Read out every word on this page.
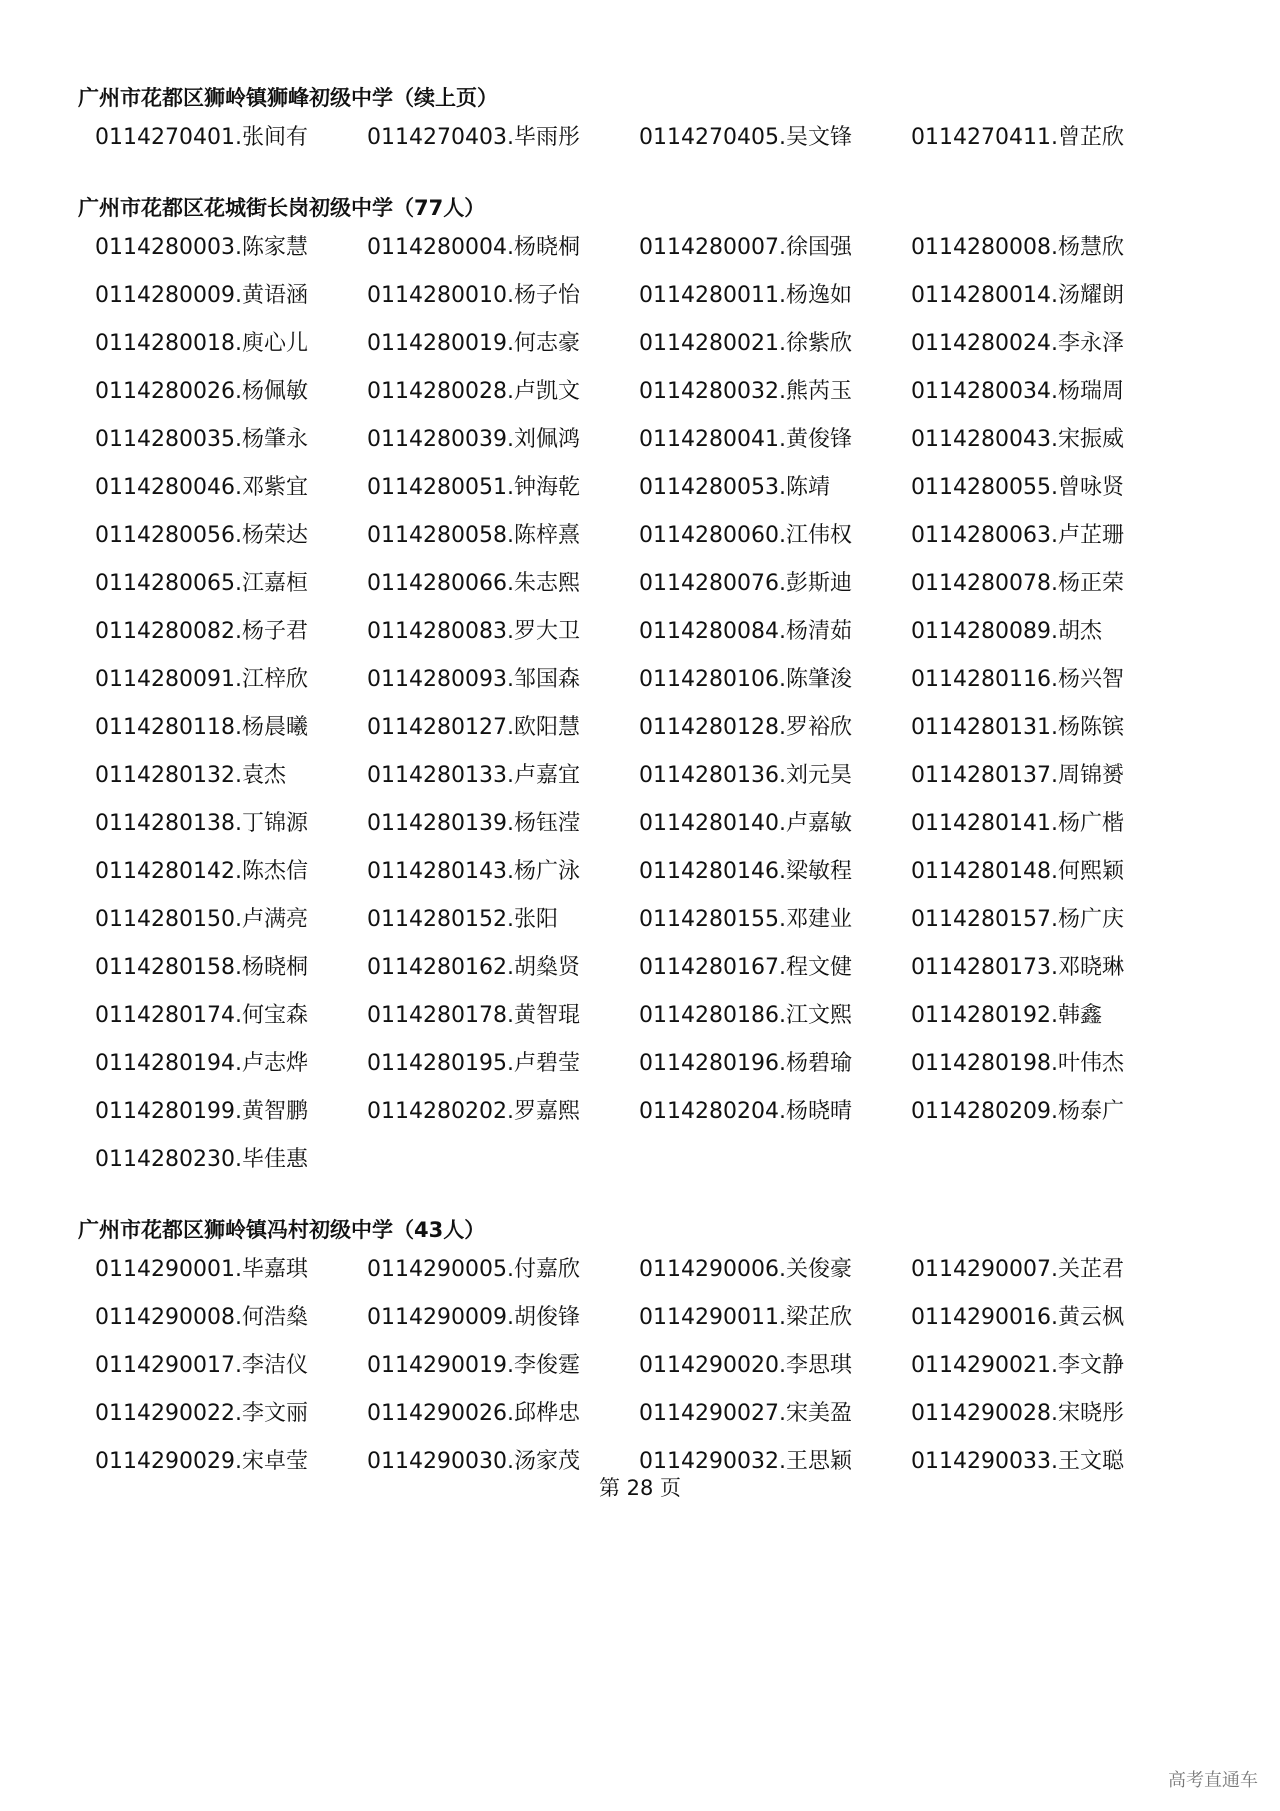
广州市花都区狮岭镇狮峰初级中学（续上页）
0114270401.张间有	0114270403.毕雨彤	0114270405.吴文锋	0114270411.曾芷欣
广州市花都区花城街长岗初级中学（77人）
0114280003.陈家慧	0114280004.杨晓桐	0114280007.徐国强	0114280008.杨慧欣
0114280009.黄语涵	0114280010.杨子怡	0114280011.杨逸如	0114280014.汤耀朗
0114280018.庾心儿	0114280019.何志豪	0114280021.徐紫欣	0114280024.李永泽
0114280026.杨佩敏	0114280028.卢凯文	0114280032.熊芮玉	0114280034.杨瑞周
0114280035.杨肇永	0114280039.刘佩鸿	0114280041.黄俊锋	0114280043.宋振威
0114280046.邓紫宜	0114280051.钟海乾	0114280053.陈靖	0114280055.曾咏贤
0114280056.杨荣达	0114280058.陈梓熹	0114280060.江伟权	0114280063.卢芷珊
0114280065.江嘉桓	0114280066.朱志熙	0114280076.彭斯迪	0114280078.杨正荣
0114280082.杨子君	0114280083.罗大卫	0114280084.杨清茹	0114280089.胡杰
0114280091.江梓欣	0114280093.邹国森	0114280106.陈肇浚	0114280116.杨兴智
0114280118.杨晨曦	0114280127.欧阳慧	0114280128.罗裕欣	0114280131.杨陈镔
0114280132.袁杰	0114280133.卢嘉宜	0114280136.刘元昊	0114280137.周锦赟
0114280138.丁锦源	0114280139.杨钰滢	0114280140.卢嘉敏	0114280141.杨广楷
0114280142.陈杰信	0114280143.杨广泳	0114280146.梁敏程	0114280148.何熙颖
0114280150.卢满亮	0114280152.张阳	0114280155.邓建业	0114280157.杨广庆
0114280158.杨晓桐	0114280162.胡燊贤	0114280167.程文健	0114280173.邓晓琳
0114280174.何宝森	0114280178.黄智琨	0114280186.江文熙	0114280192.韩鑫
0114280194.卢志烨	0114280195.卢碧莹	0114280196.杨碧瑜	0114280198.叶伟杰
0114280199.黄智鹏	0114280202.罗嘉熙	0114280204.杨晓晴	0114280209.杨泰广
0114280230.毕佳惠
广州市花都区狮岭镇冯村初级中学（43人）
0114290001.毕嘉琪	0114290005.付嘉欣	0114290006.关俊豪	0114290007.关芷君
0114290008.何浩燊	0114290009.胡俊锋	0114290011.梁芷欣	0114290016.黄云枫
0114290017.李洁仪	0114290019.李俊霆	0114290020.李思琪	0114290021.李文静
0114290022.李文丽	0114290026.邱桦忠	0114290027.宋美盈	0114290028.宋晓彤
0114290029.宋卓莹	0114290030.汤家茂	0114290032.王思颖	0114290033.王文聪
第 28 页
高考直通车
